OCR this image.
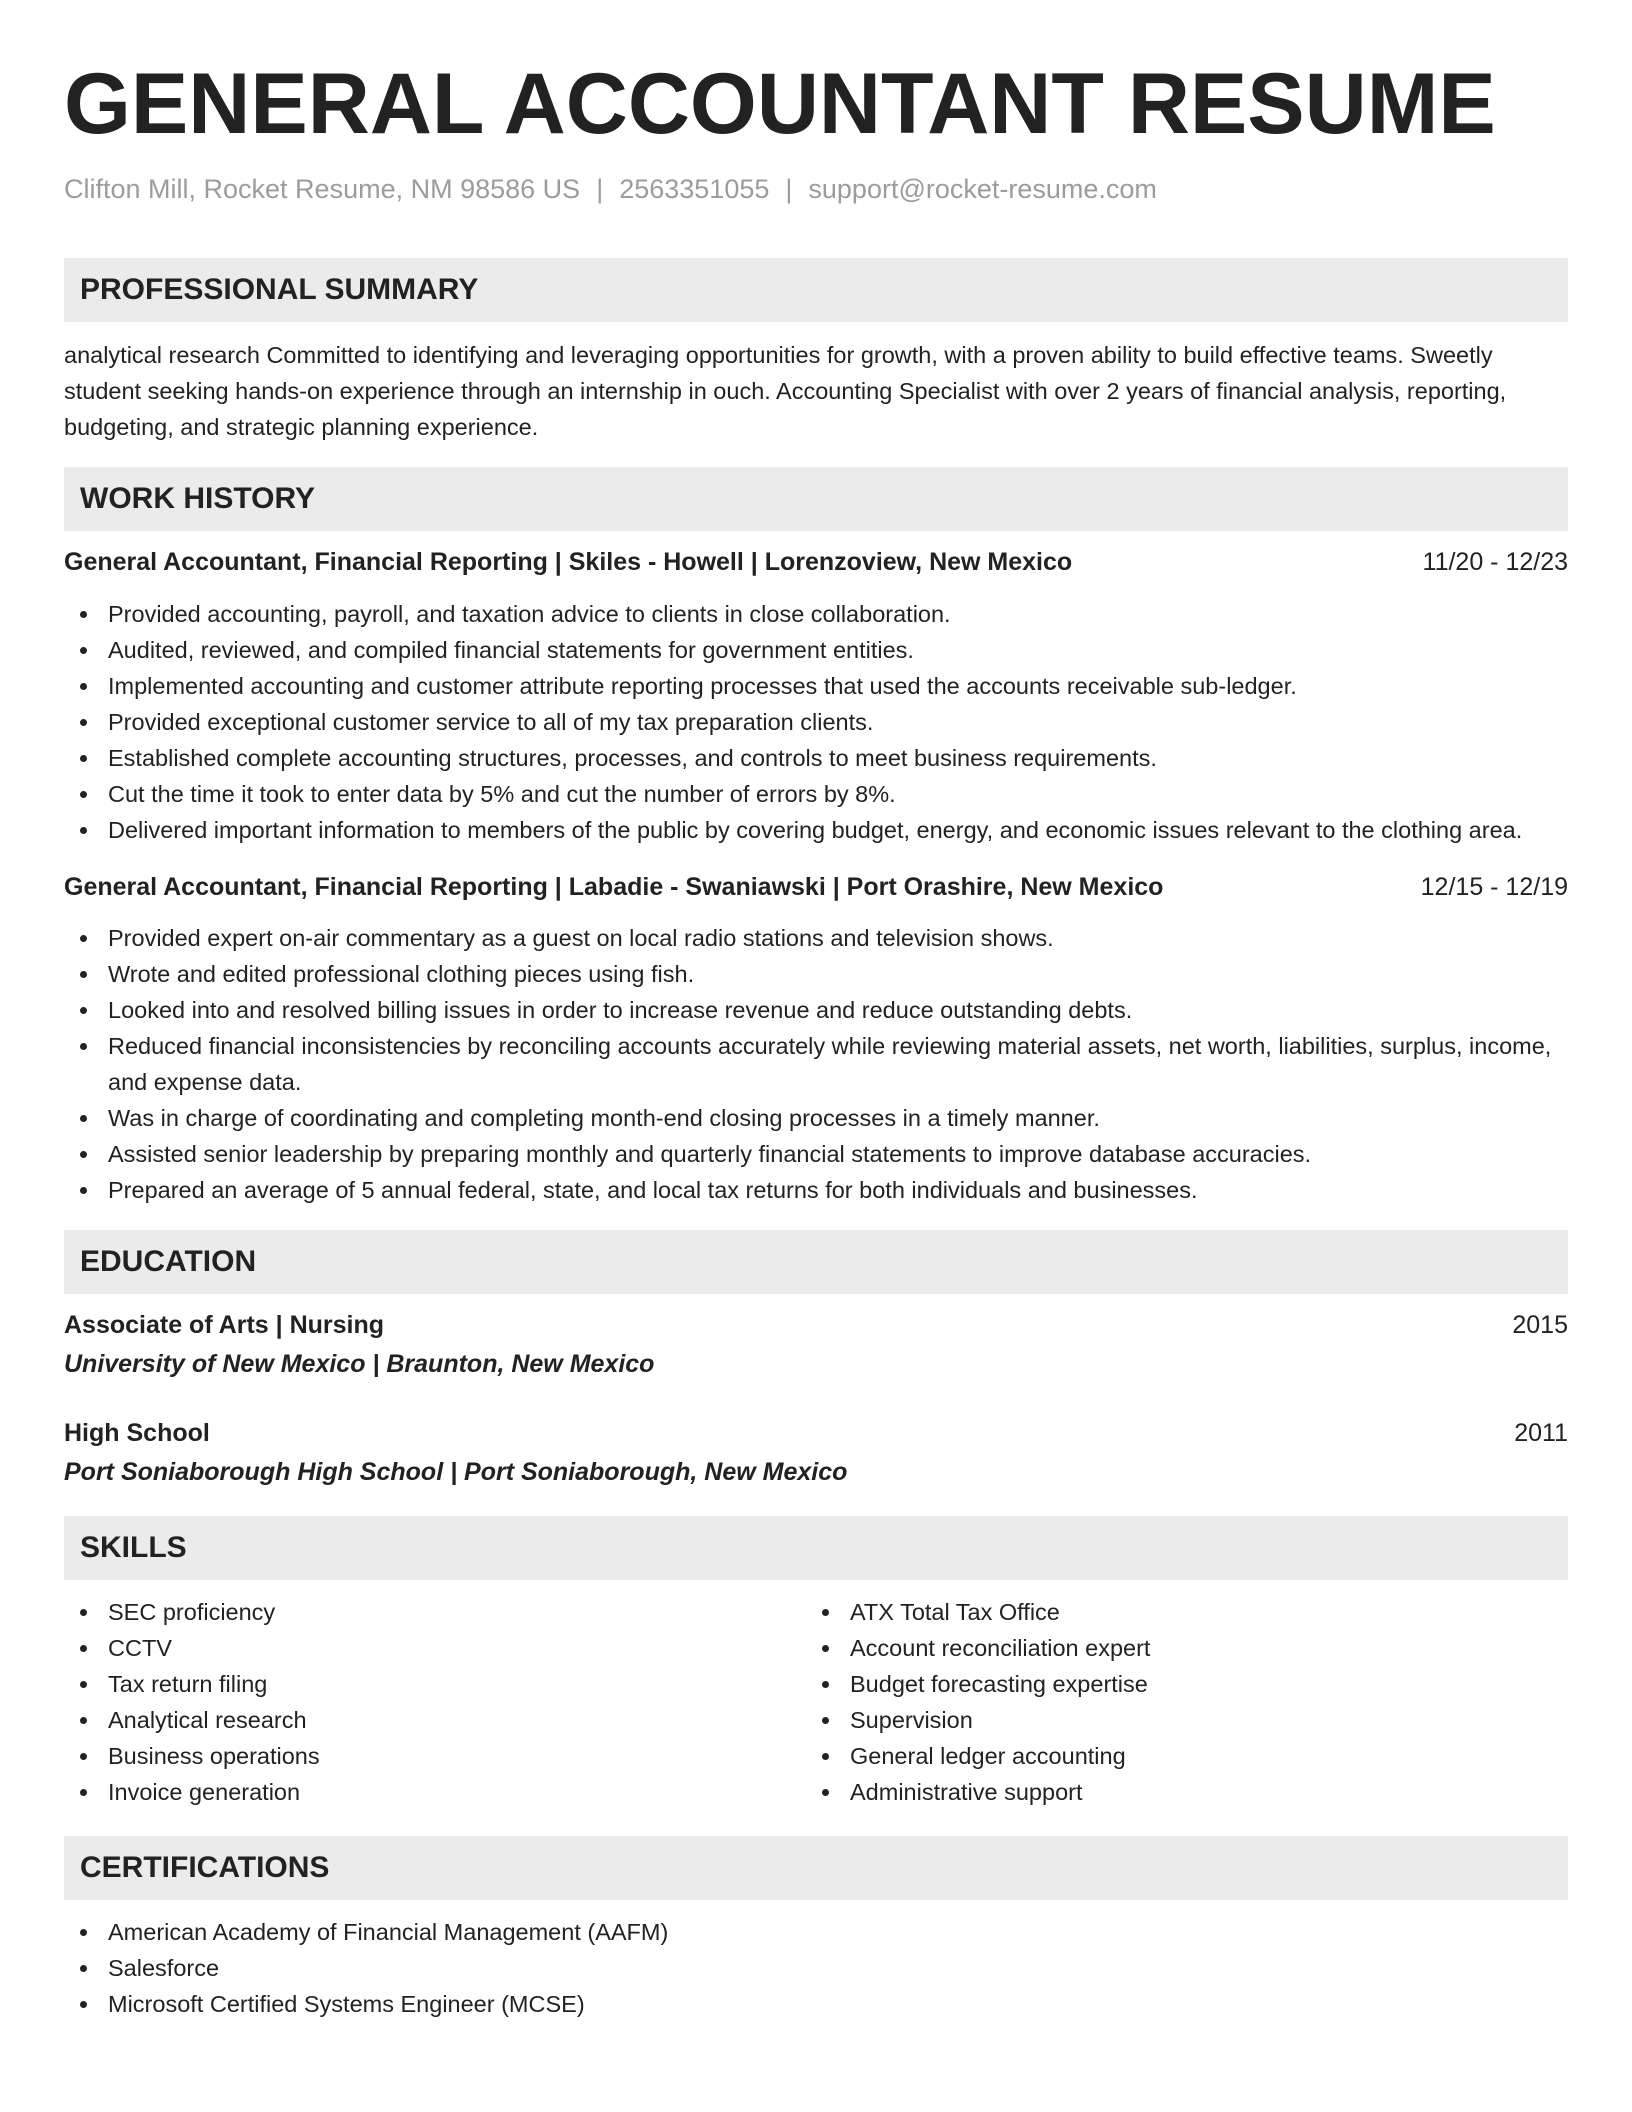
GENERAL ACCOUNTANT RESUME
Clifton Mill, Rocket Resume, NM 98586 US | 2563351055 | support@rocket-resume.com
PROFESSIONAL SUMMARY

analytical research Committed to identifying and leveraging opportunities for growth, with a proven ability to build effective teams. Sweetly student seeking hands-on experience through an internship in ouch. Accounting Specialist with over 2 years of financial analysis, reporting, budgeting, and strategic planning experience.

WORK HISTORY
General Accountant, Financial Reporting | Skiles - Howell | Lorenzoview, New Mexico	11/20 - 12/23
Provided accounting, payroll, and taxation advice to clients in close collaboration.
Audited, reviewed, and compiled financial statements for government entities.
Implemented accounting and customer attribute reporting processes that used the accounts receivable sub-ledger.
Provided exceptional customer service to all of my tax preparation clients.
Established complete accounting structures, processes, and controls to meet business requirements.
Cut the time it took to enter data by 5% and cut the number of errors by 8%.
Delivered important information to members of the public by covering budget, energy, and economic issues relevant to the clothing area.
General Accountant, Financial Reporting | Labadie - Swaniawski | Port Orashire, New Mexico	12/15 - 12/19
Provided expert on-air commentary as a guest on local radio stations and television shows.
Wrote and edited professional clothing pieces using fish.
Looked into and resolved billing issues in order to increase revenue and reduce outstanding debts.
Reduced financial inconsistencies by reconciling accounts accurately while reviewing material assets, net worth, liabilities, surplus, income, and expense data.
Was in charge of coordinating and completing month-end closing processes in a timely manner.
Assisted senior leadership by preparing monthly and quarterly financial statements to improve database accuracies.
Prepared an average of 5 annual federal, state, and local tax returns for both individuals and businesses.
EDUCATION
Associate of Arts | Nursing	2015
University of New Mexico | Braunton, New Mexico
High School	2011
Port Soniaborough High School | Port Soniaborough, New Mexico
SKILLS
SEC proficiency
CCTV
Tax return filing
Analytical research
Business operations
Invoice generation
ATX Total Tax Office
Account reconciliation expert
Budget forecasting expertise
Supervision
General ledger accounting
Administrative support
CERTIFICATIONS
American Academy of Financial Management (AAFM)
Salesforce
Microsoft Certified Systems Engineer (MCSE)
